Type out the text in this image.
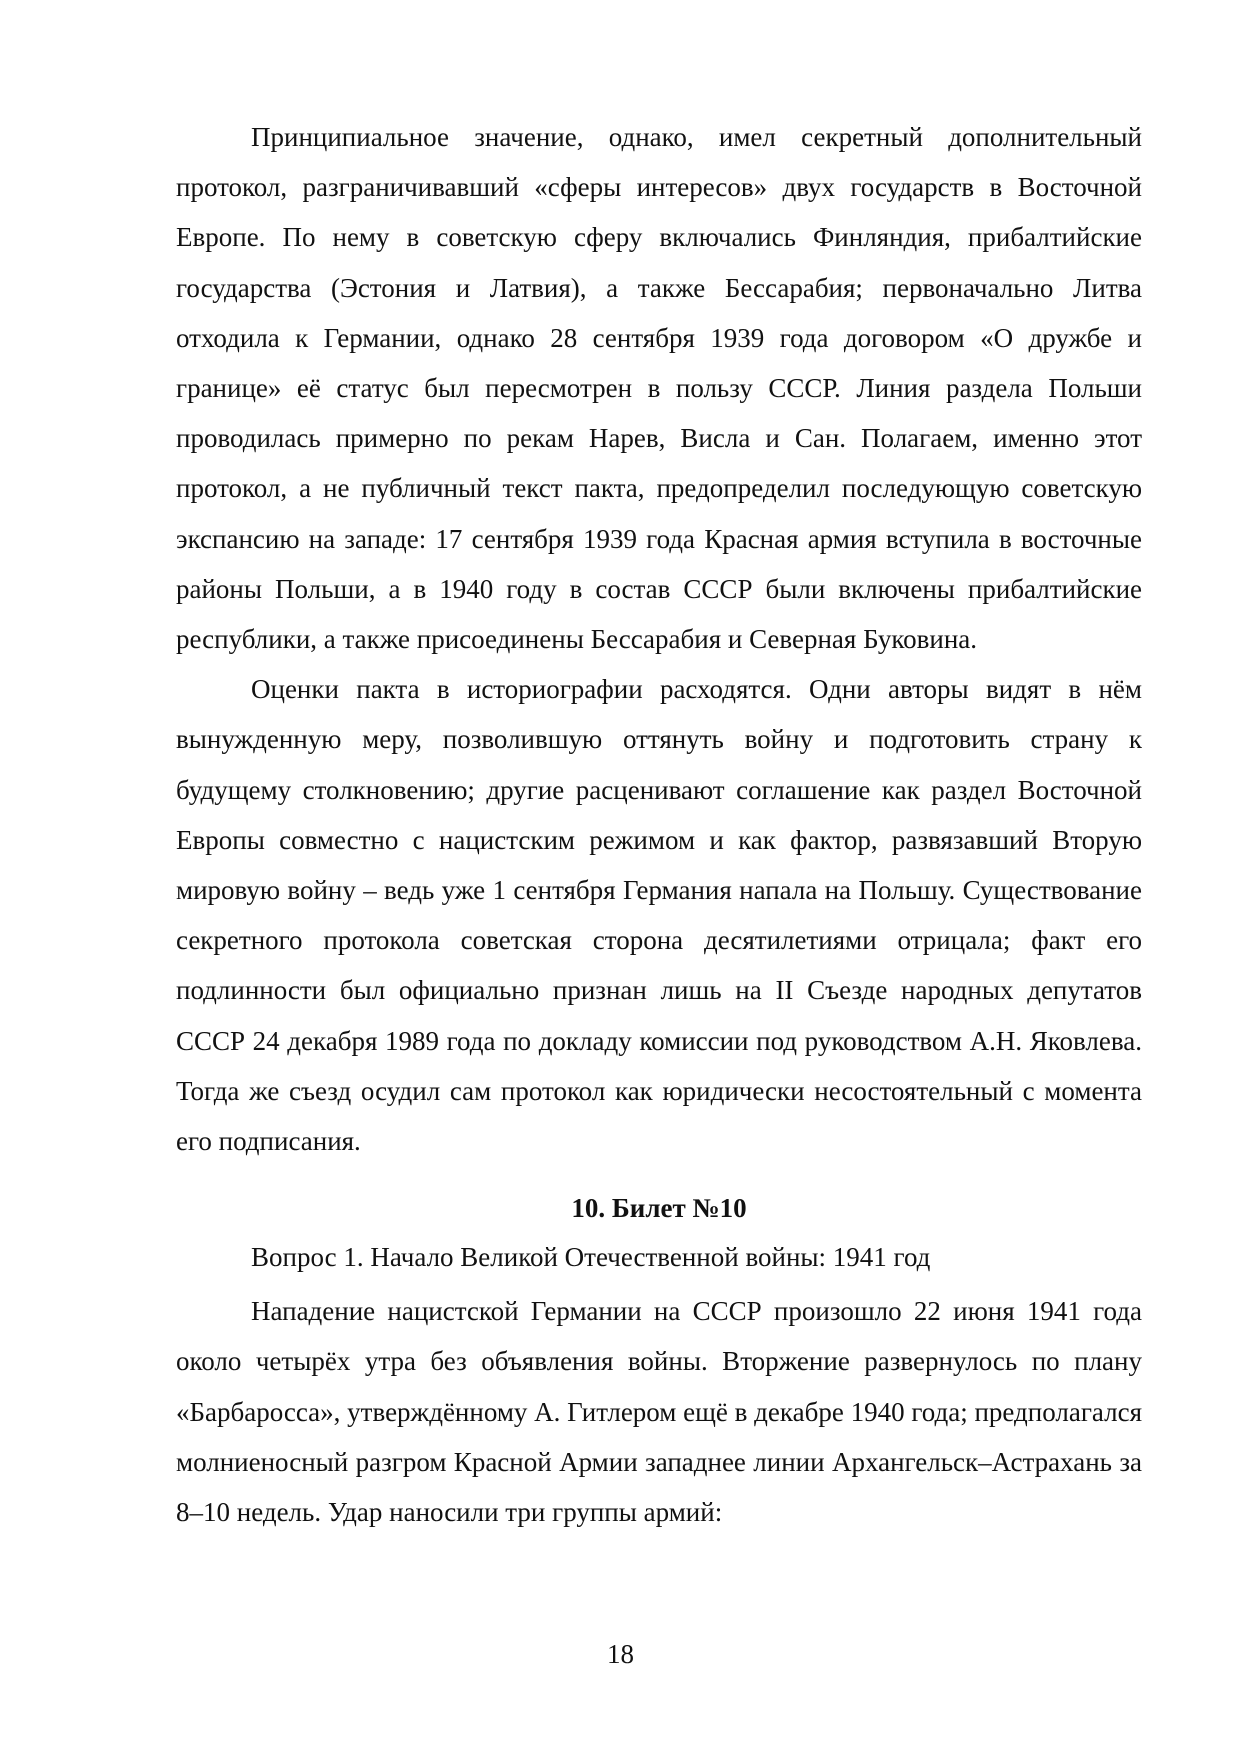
Принципиальное значение, однако, имел секретный дополнительный протокол, разграничивавший «сферы интересов» двух государств в Восточной Европе. По нему в советскую сферу включались Финляндия, прибалтийские государства (Эстония и Латвия), а также Бессарабия; первоначально Литва отходила к Германии, однако 28 сентября 1939 года договором «О дружбе и границе» её статус был пересмотрен в пользу СССР. Линия раздела Польши проводилась примерно по рекам Нарев, Висла и Сан. Полагаем, именно этот протокол, а не публичный текст пакта, предопределил последующую советскую экспансию на западе: 17 сентября 1939 года Красная армия вступила в восточные районы Польши, а в 1940 году в состав СССР были включены прибалтийские республики, а также присоединены Бессарабия и Северная Буковина.

Оценки пакта в историографии расходятся. Одни авторы видят в нём вынужденную меру, позволившую оттянуть войну и подготовить страну к будущему столкновению; другие расценивают соглашение как раздел Восточной Европы совместно с нацистским режимом и как фактор, развязавший Вторую мировую войну – ведь уже 1 сентября Германия напала на Польшу. Существование секретного протокола советская сторона десятилетиями отрицала; факт его подлинности был официально признан лишь на II Съезде народных депутатов СССР 24 декабря 1989 года по докладу комиссии под руководством А.Н. Яковлева. Тогда же съезд осудил сам протокол как юридически несостоятельный с момента его подписания.

10. Билет №10

Вопрос 1. Начало Великой Отечественной войны: 1941 год

Нападение нацистской Германии на СССР произошло 22 июня 1941 года около четырёх утра без объявления войны. Вторжение развернулось по плану «Барбаросса», утверждённому А. Гитлером ещё в декабре 1940 года; предполагался молниеносный разгром Красной Армии западнее линии Архангельск–Астрахань за 8–10 недель. Удар наносили три группы армий:

18
